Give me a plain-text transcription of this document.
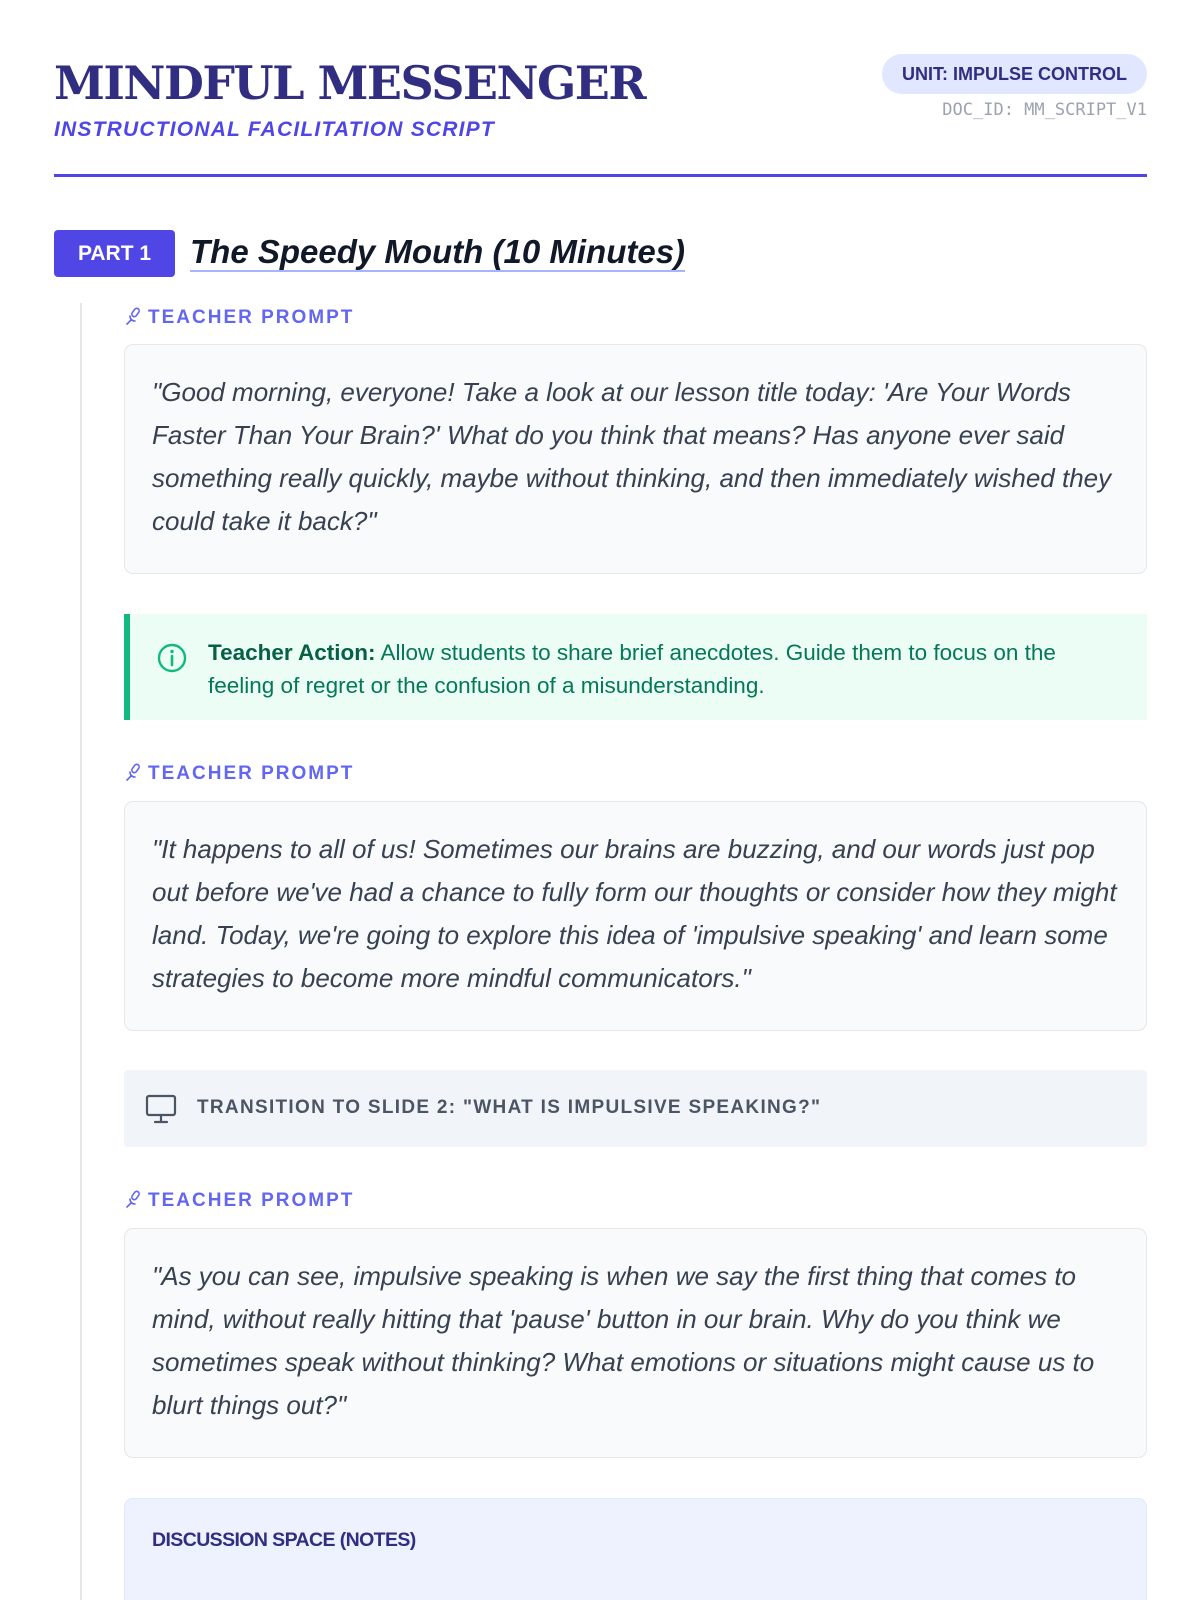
MINDFUL MESSENGER
INSTRUCTIONAL FACILITATION SCRIPT
UNIT: IMPULSE CONTROL
DOC_ID: MM_SCRIPT_V1
PART 1	The Speedy Mouth (10 Minutes)
TEACHER PROMPT
"Good morning, everyone! Take a look at our lesson title today: 'Are Your Words Faster Than Your Brain?' What do you think that means? Has anyone ever said something really quickly, maybe without thinking, and then immediately wished they could take it back?"
Teacher Action: Allow students to share brief anecdotes. Guide them to focus on the feeling of regret or the confusion of a misunderstanding.
TEACHER PROMPT
"It happens to all of us! Sometimes our brains are buzzing, and our words just pop out before we've had a chance to fully form our thoughts or consider how they might land. Today, we're going to explore this idea of 'impulsive speaking' and learn some strategies to become more mindful communicators."
TRANSITION TO SLIDE 2: "WHAT IS IMPULSIVE SPEAKING?"
TEACHER PROMPT
"As you can see, impulsive speaking is when we say the first thing that comes to mind, without really hitting that 'pause' button in our brain. Why do you think we sometimes speak without thinking? What emotions or situations might cause us to blurt things out?"
DISCUSSION SPACE (NOTES)
